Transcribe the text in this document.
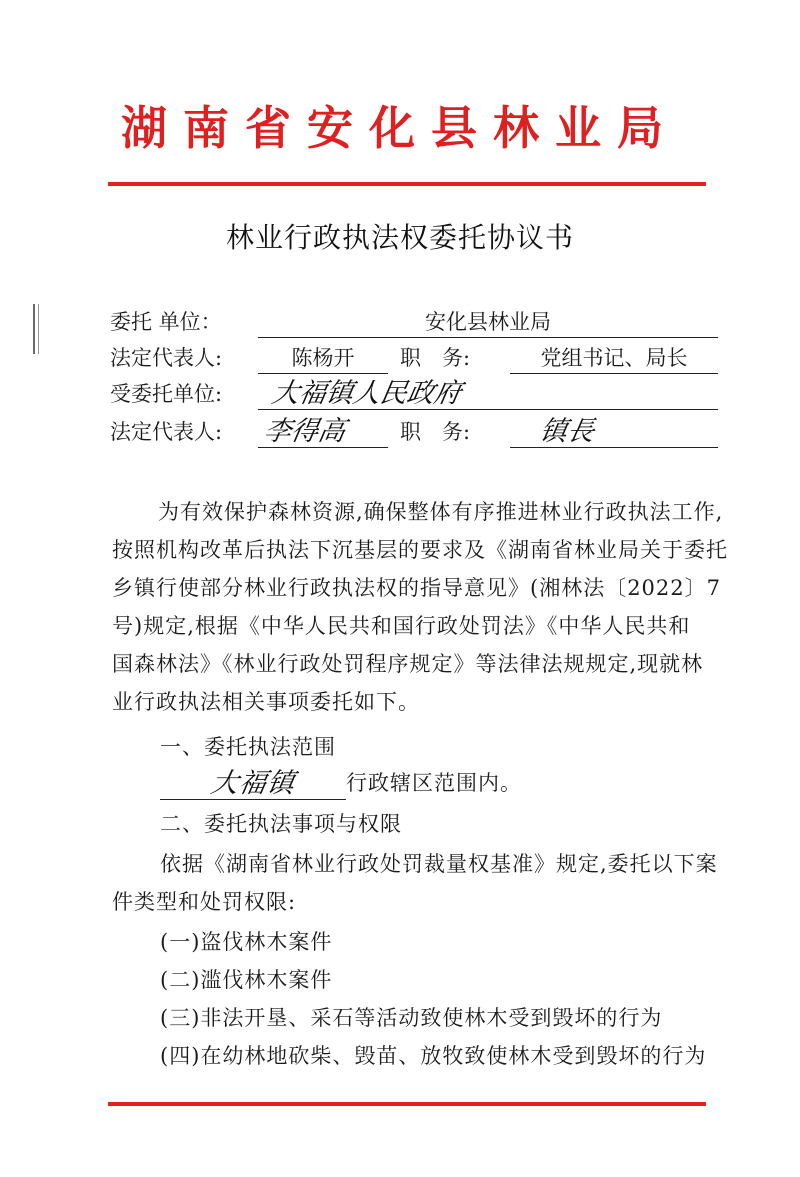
湖南省安化县林业局
林业行政执法权委托协议书
委托 单位：	安化县林业局
法定代表人:	陈杨开	职　务:	党组书记、局长
受委托单位:	大福镇人民政府
法定代表人: 李得高	职　务:	镇長
为有效保护森林资源,确保整体有序推进林业行政执法工作,
按照机构改革后执法下沉基层的要求及《湖南省林业局关于委托
乡镇行使部分林业行政执法权的指导意见》(湘林法〔2022〕7
号)规定,根据《中华人民共和国行政处罚法》《中华人民共和
国森林法》《林业行政处罚程序规定》等法律法规规定,现就林
业行政执法相关事项委托如下。
一、委托执法范围
大福镇 行政辖区范围内。
二、委托执法事项与权限
依据《湖南省林业行政处罚裁量权基准》规定,委托以下案
件类型和处罚权限:
(一)盗伐林木案件
(二)滥伐林木案件
(三)非法开垦、采石等活动致使林木受到毁坏的行为
(四)在幼林地砍柴、毁苗、放牧致使林木受到毁坏的行为
